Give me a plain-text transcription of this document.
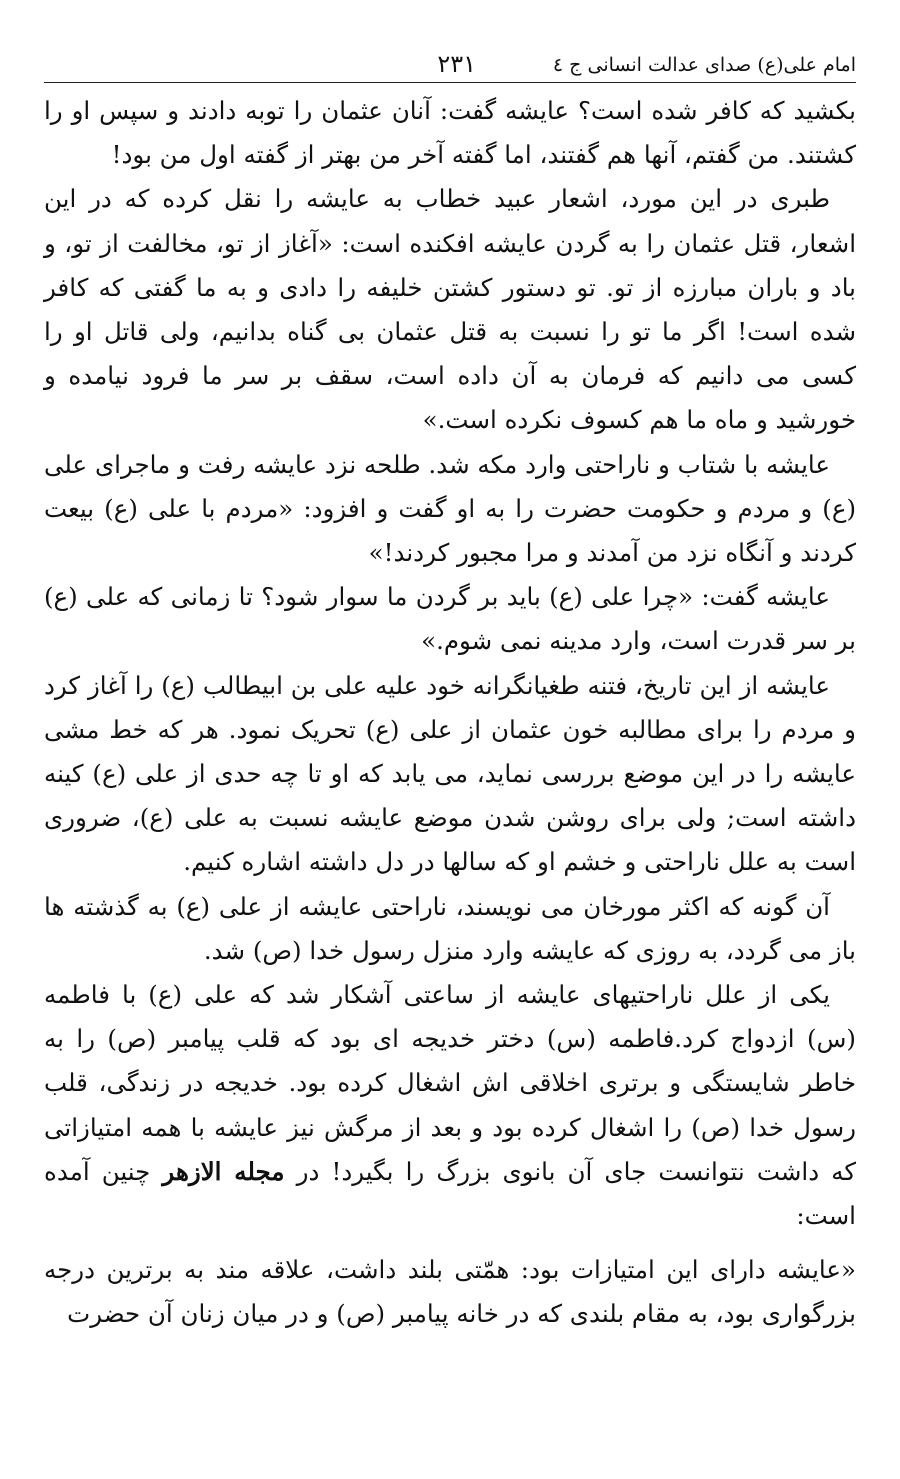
امام علی(ع) صدای عدالت انسانی ج ٤
٢٣١

بکشید که کافر شده است؟ عایشه گفت: آنان عثمان را توبه دادند و سپس او را کشتند. من گفتم، آنها هم گفتند، اما گفته آخر من بهتر از گفته اول من بود!

طبری در این مورد، اشعار عبید خطاب به عایشه را نقل کرده که در این اشعار، قتل عثمان را به گردن عایشه افکنده است: «آغاز از تو، مخالفت از تو، و باد و باران مبارزه از تو. تو دستور کشتن خلیفه را دادی و به ما گفتی که کافر شده است! اگر ما تو را نسبت به قتل عثمان بی گناه بدانیم، ولی قاتل او را کسی می دانیم که فرمان به آن داده است، سقف بر سر ما فرود نیامده و خورشید و ماه ما هم کسوف نکرده است.»

عایشه با شتاب و ناراحتی وارد مکه شد. طلحه نزد عایشه رفت و ماجرای علی (ع) و مردم و حکومت حضرت را به او گفت و افزود: «مردم با علی (ع) بیعت کردند و آنگاه نزد من آمدند و مرا مجبور کردند!»

عایشه گفت: «چرا علی (ع) باید بر گردن ما سوار شود؟ تا زمانی که علی (ع) بر سر قدرت است، وارد مدینه نمی شوم.»

عایشه از این تاریخ، فتنه طغیانگرانه خود علیه علی بن ابیطالب (ع) را آغاز کرد و مردم را برای مطالبه خون عثمان از علی (ع) تحریک نمود. هر که خط مشی عایشه را در این موضع بررسی نماید، می یابد که او تا چه حدی از علی (ع) کینه داشته است; ولی برای روشن شدن موضع عایشه نسبت به علی (ع)، ضروری است به علل ناراحتی و خشم او که سالها در دل داشته اشاره کنیم.

آن گونه که اکثر مورخان می نویسند، ناراحتی عایشه از علی (ع) به گذشته ها باز می گردد، به روزی که عایشه وارد منزل رسول خدا (ص) شد.

یکی از علل ناراحتیهای عایشه از ساعتی آشکار شد که علی (ع) با فاطمه (س) ازدواج کرد.فاطمه (س) دختر خدیجه ای بود که قلب پیامبر (ص) را به خاطر شایستگی و برتری اخلاقی اش اشغال کرده بود. خدیجه در زندگی، قلب رسول خدا (ص) را اشغال کرده بود و بعد از مرگش نیز عایشه با همه امتیازاتی که داشت نتوانست جای آن بانوی بزرگ را بگیرد! در مجله الازهر چنین آمده است:

«عایشه دارای این امتیازات بود: همّتی بلند داشت، علاقه مند به برترین درجه بزرگواری بود، به مقام بلندی که در خانه پیامبر (ص) و در میان زنان آن حضرت
